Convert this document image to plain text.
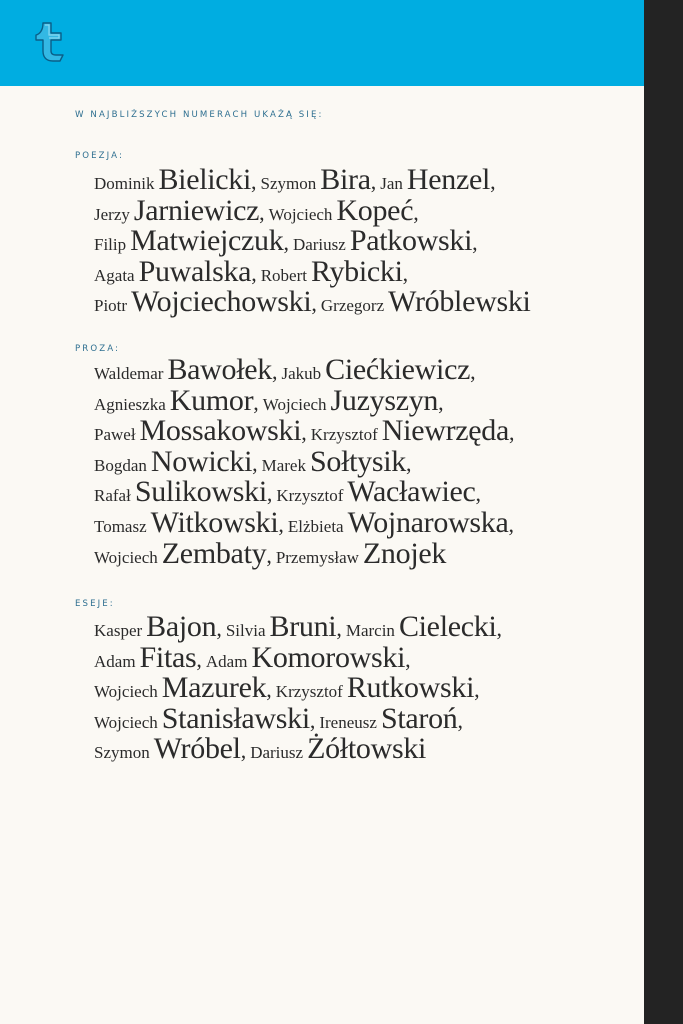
W NAJBLIŻSZYCH NUMERACH UKAŻĄ SIĘ:
POEZJA:
Dominik Bielicki, Szymon Bira, Jan Henzel,
Jerzy Jarniewicz, Wojciech Kopeć,
Filip Matwiejczuk, Dariusz Patkowski,
Agata Puwalska, Robert Rybicki,
Piotr Wojciechowski, Grzegorz Wróblewski
PROZA:
Waldemar Bawołek, Jakub Ciećkiewicz,
Agnieszka Kumor, Wojciech Juzyszyn,
Paweł Mossakowski, Krzysztof Niewrzęda,
Bogdan Nowicki, Marek Sołtysik,
Rafał Sulikowski, Krzysztof Wacławiec,
Tomasz Witkowski, Elżbieta Wojnarowska,
Wojciech Zembaty, Przemysław Znojek
ESEJE:
Kasper Bajon, Silvia Bruni, Marcin Cielecki,
Adam Fitas, Adam Komorowski,
Wojciech Mazurek, Krzysztof Rutkowski,
Wojciech Stanisławski, Ireneusz Staroń,
Szymon Wróbel, Dariusz Żółtowski
